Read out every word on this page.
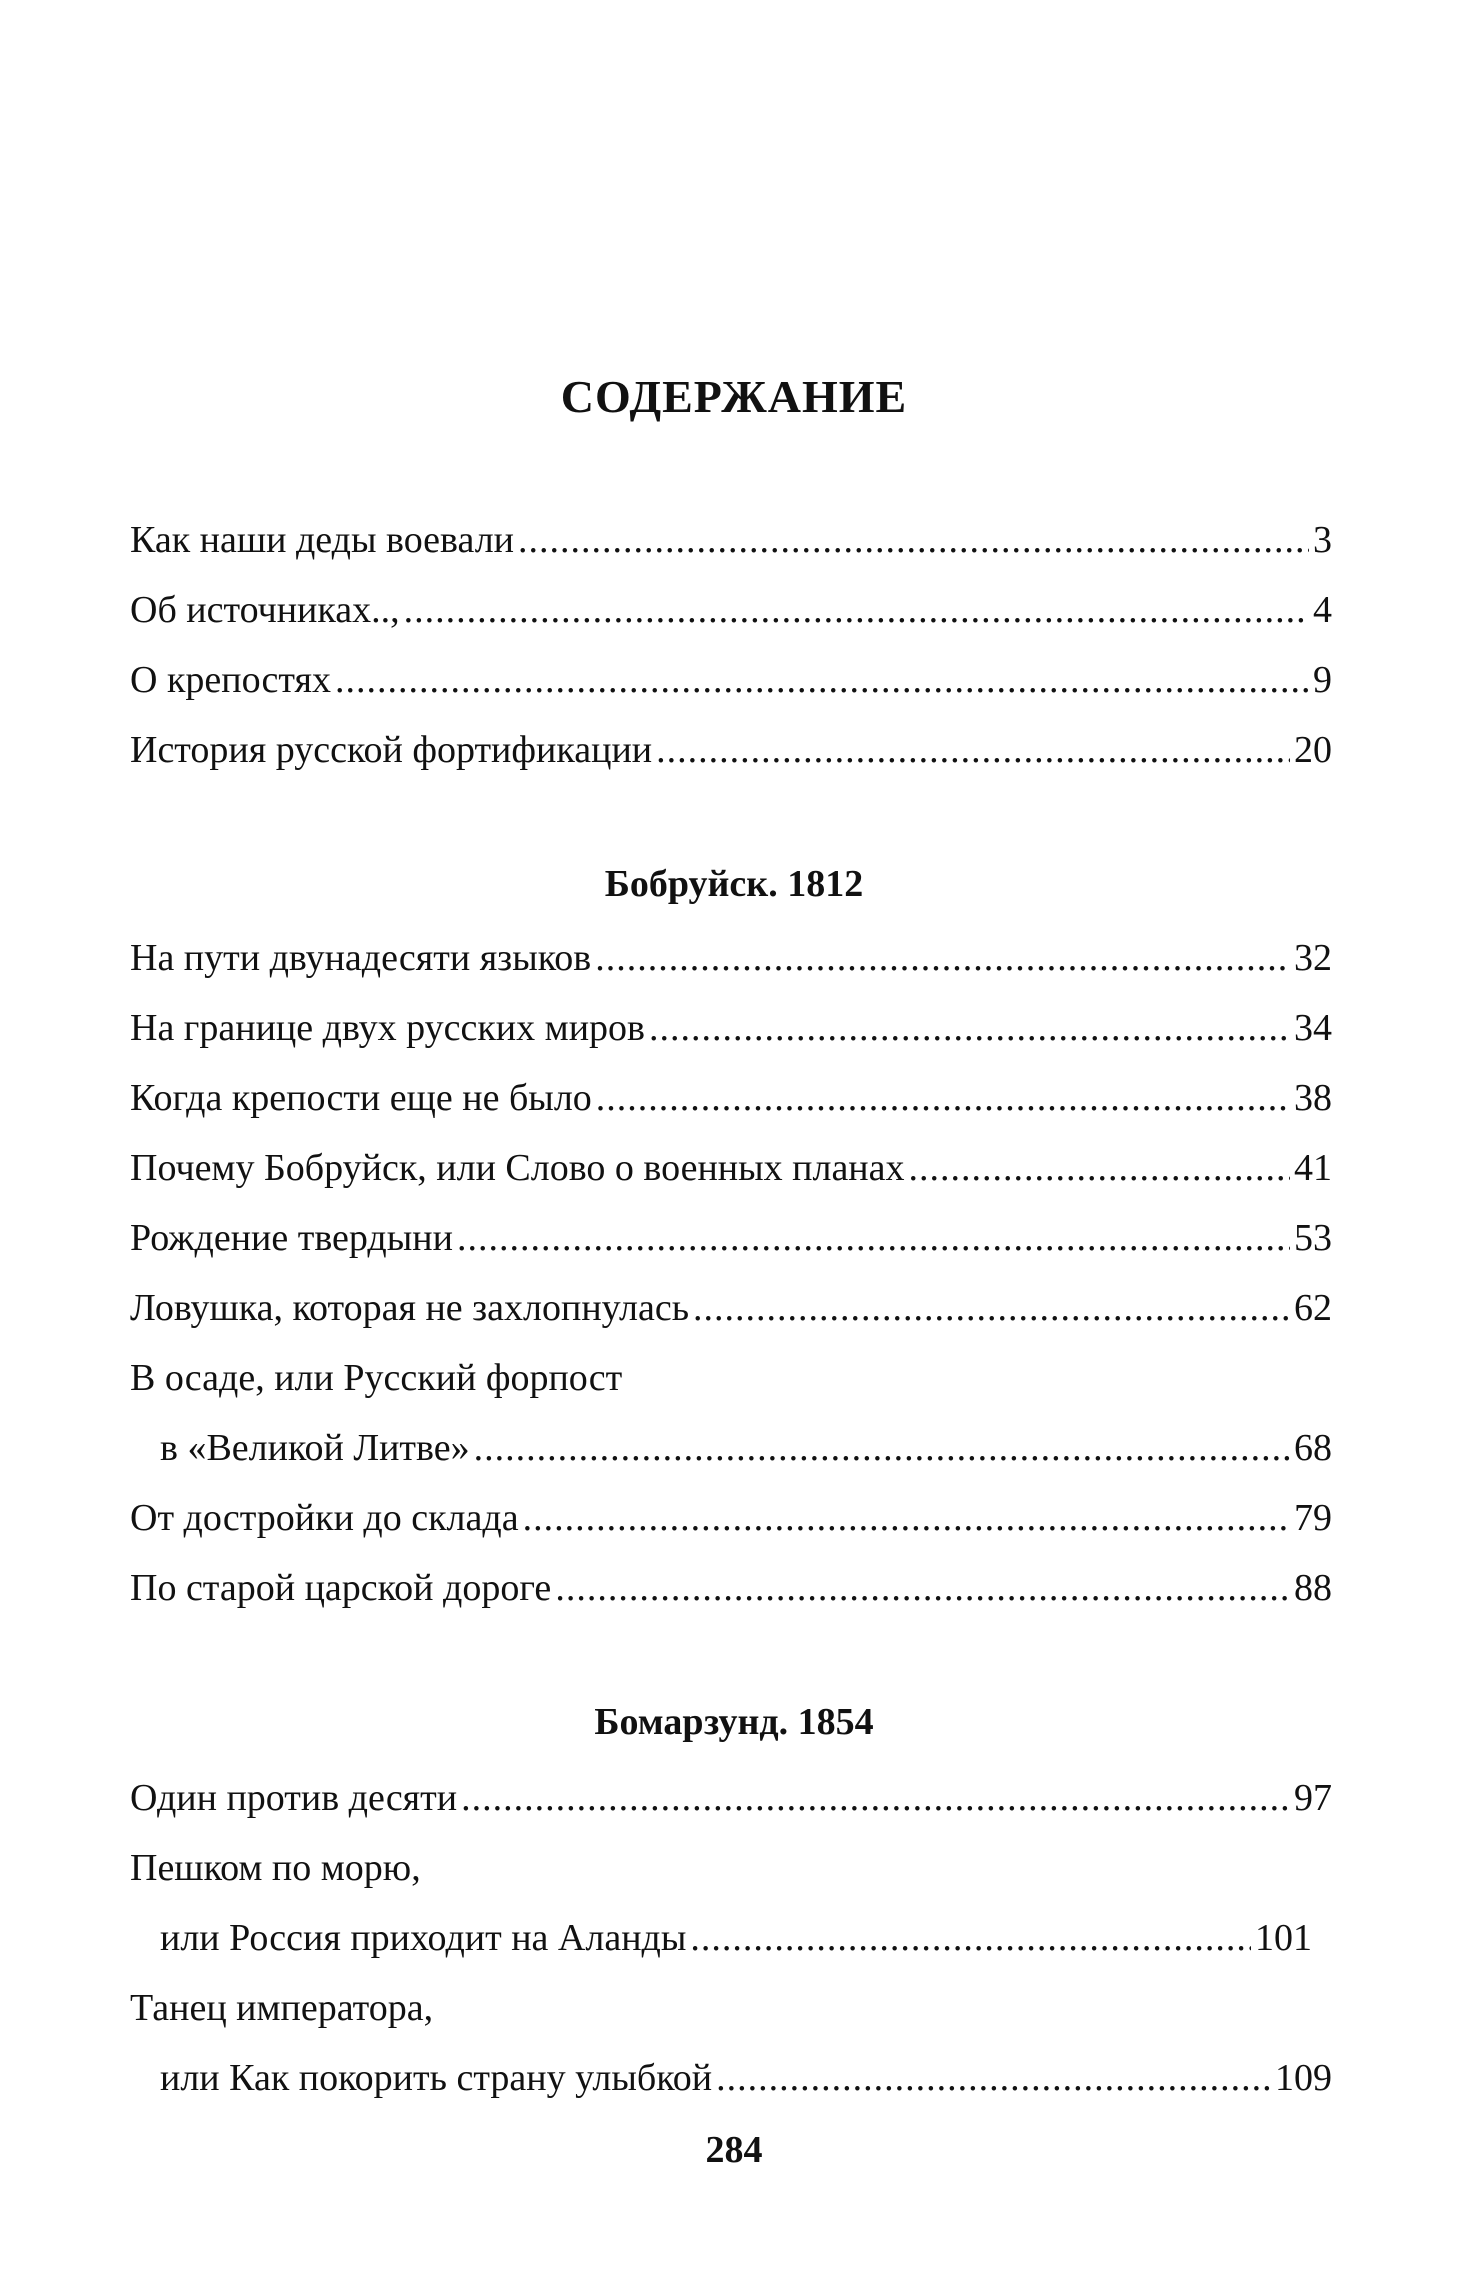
СОДЕРЖАНИЕ
Как наши деды воевали .....	3
Об источниках.., .....	4
О крепостях .....	9
История русской фортификации .....	20
Бобруйск. 1812
На пути двунадесяти языков .....	32
На границе двух русских миров .....	34
Когда крепости еще не было .....	38
Почему Бобруйск, или Слово о военных планах .....	41
Рождение твердыни .....	53
Ловушка, которая не захлопнулась .....	62
В осаде, или Русский форпост
в «Великой Литве» .....	68
От достройки до склада .....	79
По старой царской дороге .....	88
Бомарзунд. 1854
Один против десяти .....	97
Пешком по морю,
или Россия приходит на Аланды .....	101
Танец императора,
или Как покорить страну улыбкой .....	109
284
